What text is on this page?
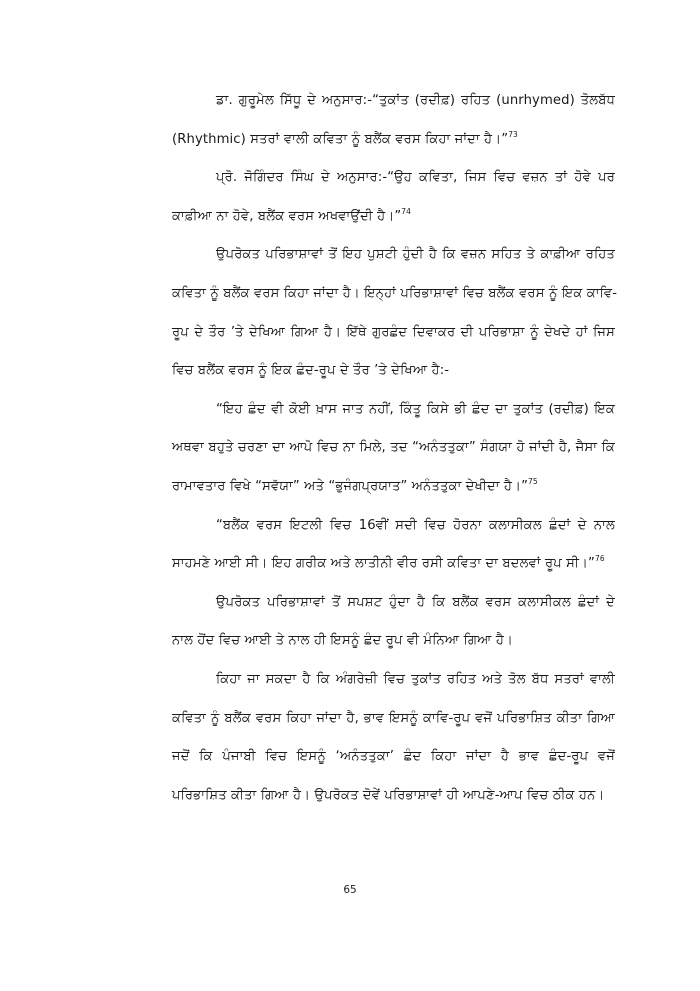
ਡਾ. ਗੁਰੂਮੇਲ ਸਿੱਧੂ ਦੇ ਅਨੁਸਾਰ:-“ਤੁਕਾਂਤ (ਰਦੀਫ਼) ਰਹਿਤ (unrhymed) ਤੋਲਬੱਧ
(Rhythmic) ਸਤਰਾਂ ਵਾਲੀ ਕਵਿਤਾ ਨੂੰ ਬਲੈਂਕ ਵਰਸ ਕਿਹਾ ਜਾਂਦਾ ਹੈ।”$^{73}$
ਪ੍ਰੋ. ਜੋਗਿੰਦਰ ਸਿੰਘ ਦੇ ਅਨੁਸਾਰ:-“ਉਹ ਕਵਿਤਾ, ਜਿਸ ਵਿਚ ਵਜ਼ਨ ਤਾਂ ਹੋਵੇ ਪਰ
ਕਾਫ਼ੀਆ ਨਾ ਹੋਵੇ, ਬਲੈਂਕ ਵਰਸ ਅਖਵਾਉਂਦੀ ਹੈ।”$^{74}$
ਉਪਰੋਕਤ ਪਰਿਭਾਸ਼ਾਵਾਂ ਤੋਂ ਇਹ ਪੁਸ਼ਟੀ ਹੁੰਦੀ ਹੈ ਕਿ ਵਜ਼ਨ ਸਹਿਤ ਤੇ ਕਾਫ਼ੀਆ ਰਹਿਤ
ਕਵਿਤਾ ਨੂੰ ਬਲੈਂਕ ਵਰਸ ਕਿਹਾ ਜਾਂਦਾ ਹੈ। ਇਨ੍ਹਾਂ ਪਰਿਭਾਸ਼ਾਵਾਂ ਵਿਚ ਬਲੈਂਕ ਵਰਸ ਨੂੰ ਇਕ ਕਾਵਿ-
ਰੂਪ ਦੇ ਤੌਰ ’ਤੇ ਦੇਖਿਆ ਗਿਆ ਹੈ। ਇੱਥੇ ਗੁਰਛੰਦ ਦਿਵਾਕਰ ਦੀ ਪਰਿਭਾਸ਼ਾ ਨੂੰ ਦੇਖਦੇ ਹਾਂ ਜਿਸ
ਵਿਚ ਬਲੈਂਕ ਵਰਸ ਨੂੰ ਇਕ ਛੰਦ-ਰੂਪ ਦੇ ਤੌਰ ’ਤੇ ਦੇਖਿਆ ਹੈ:-
“ਇਹ ਛੰਦ ਵੀ ਕੋਈ ਖ਼ਾਸ ਜਾਤ ਨਹੀਂ, ਕਿੰਤੂ ਕਿਸੇ ਭੀ ਛੰਦ ਦਾ ਤੁਕਾਂਤ (ਰਦੀਫ਼) ਇਕ
ਅਥਵਾ ਬਹੁਤੇ ਚਰਣਾ ਦਾ ਆਪੋ ਵਿਚ ਨਾ ਮਿਲੇ, ਤਦ “ਅਨੰਤਤੁਕਾ” ਸੰਗਯਾ ਹੋ ਜਾਂਦੀ ਹੈ, ਜੈਸਾ ਕਿ
ਰਾਮਾਵਤਾਰ ਵਿਖੇ “ਸਵੱਯਾ” ਅਤੇ “ਭੁਜੰਗਪ੍ਰਯਾਤ” ਅਨੰਤਤੁਕਾ ਦੇਖੀਦਾ ਹੈ।”$^{75}$
“ਬਲੈਂਕ ਵਰਸ ਇਟਲੀ ਵਿਚ 16ਵੀਂ ਸਦੀ ਵਿਚ ਹੋਰਨਾ ਕਲਾਸੀਕਲ ਛੰਦਾਂ ਦੇ ਨਾਲ
ਸਾਹਮਣੇ ਆਈ ਸੀ। ਇਹ ਗਰੀਕ ਅਤੇ ਲਾਤੀਨੀ ਵੀਰ ਰਸੀ ਕਵਿਤਾ ਦਾ ਬਦਲਵਾਂ ਰੂਪ ਸੀ।”$^{76}$
ਉਪਰੋਕਤ ਪਰਿਭਾਸ਼ਾਵਾਂ ਤੋਂ ਸਪਸ਼ਟ ਹੁੰਦਾ ਹੈ ਕਿ ਬਲੈਂਕ ਵਰਸ ਕਲਾਸੀਕਲ ਛੰਦਾਂ ਦੇ
ਨਾਲ ਹੋਂਦ ਵਿਚ ਆਈ ਤੇ ਨਾਲ ਹੀ ਇਸਨੂੰ ਛੰਦ ਰੂਪ ਵੀ ਮੰਨਿਆ ਗਿਆ ਹੈ।
ਕਿਹਾ ਜਾ ਸਕਦਾ ਹੈ ਕਿ ਅੰਗਰੇਜ਼ੀ ਵਿਚ ਤੁਕਾਂਤ ਰਹਿਤ ਅਤੇ ਤੋਲ ਬੱਧ ਸਤਰਾਂ ਵਾਲੀ
ਕਵਿਤਾ ਨੂੰ ਬਲੈਂਕ ਵਰਸ ਕਿਹਾ ਜਾਂਦਾ ਹੈ, ਭਾਵ ਇਸਨੂੰ ਕਾਵਿ-ਰੂਪ ਵਜੋਂ ਪਰਿਭਾਸ਼ਿਤ ਕੀਤਾ ਗਿਆ
ਜਦੋਂ ਕਿ ਪੰਜਾਬੀ ਵਿਚ ਇਸਨੂੰ ‘ਅਨੰਤਤੁਕਾ’ ਛੰਦ ਕਿਹਾ ਜਾਂਦਾ ਹੈ ਭਾਵ ਛੰਦ-ਰੂਪ ਵਜੋਂ
ਪਰਿਭਾਸ਼ਿਤ ਕੀਤਾ ਗਿਆ ਹੈ। ਉਪਰੋਕਤ ਦੋਵੇਂ ਪਰਿਭਾਸ਼ਾਵਾਂ ਹੀ ਆਪਣੇ-ਆਪ ਵਿਚ ਠੀਕ ਹਨ।
65
